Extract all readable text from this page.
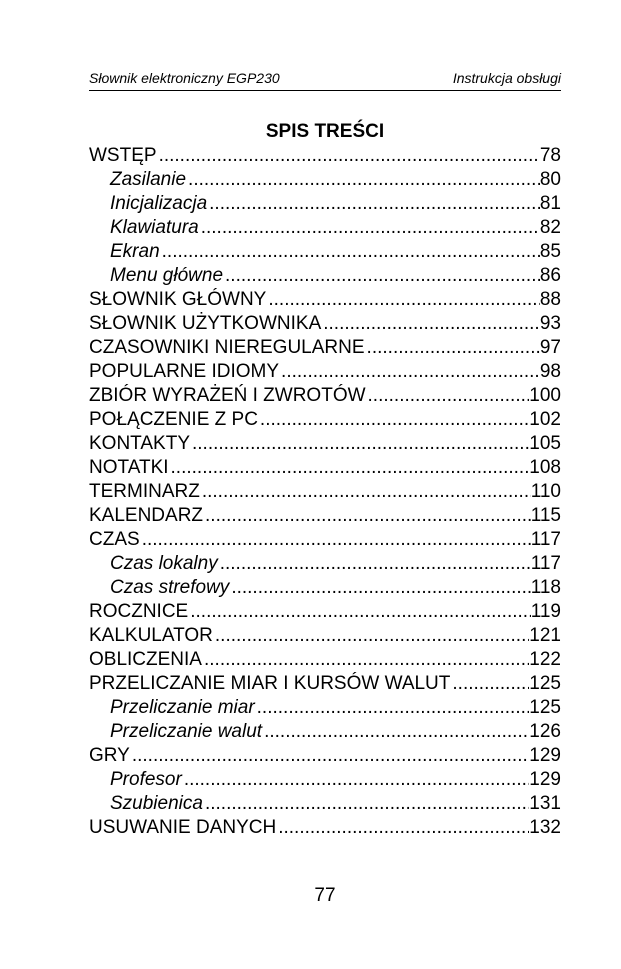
Słownik elektroniczny EGP230	Instrukcja obsługi
SPIS TREŚCI
WSTĘP .....	78
Zasilanie .....	80
Inicjalizacja .....	81
Klawiatura .....	82
Ekran .....	85
Menu główne .....	86
SŁOWNIK GŁÓWNY .....	88
SŁOWNIK UŻYTKOWNIKA .....	93
CZASOWNIKI NIEREGULARNE .....	97
POPULARNE IDIOMY .....	98
ZBIÓR WYRAŻEŃ I ZWROTÓW .....	100
POŁĄCZENIE Z PC .....	102
KONTAKTY .....	105
NOTATKI .....	108
TERMINARZ .....	110
KALENDARZ .....	115
CZAS .....	117
Czas lokalny .....	117
Czas strefowy .....	118
ROCZNICE .....	119
KALKULATOR .....	121
OBLICZENIA .....	122
PRZELICZANIE MIAR I KURSÓW WALUT .....	125
Przeliczanie miar .....	125
Przeliczanie walut .....	126
GRY .....	129
Profesor .....	129
Szubienica .....	131
USUWANIE DANYCH .....	132
77
